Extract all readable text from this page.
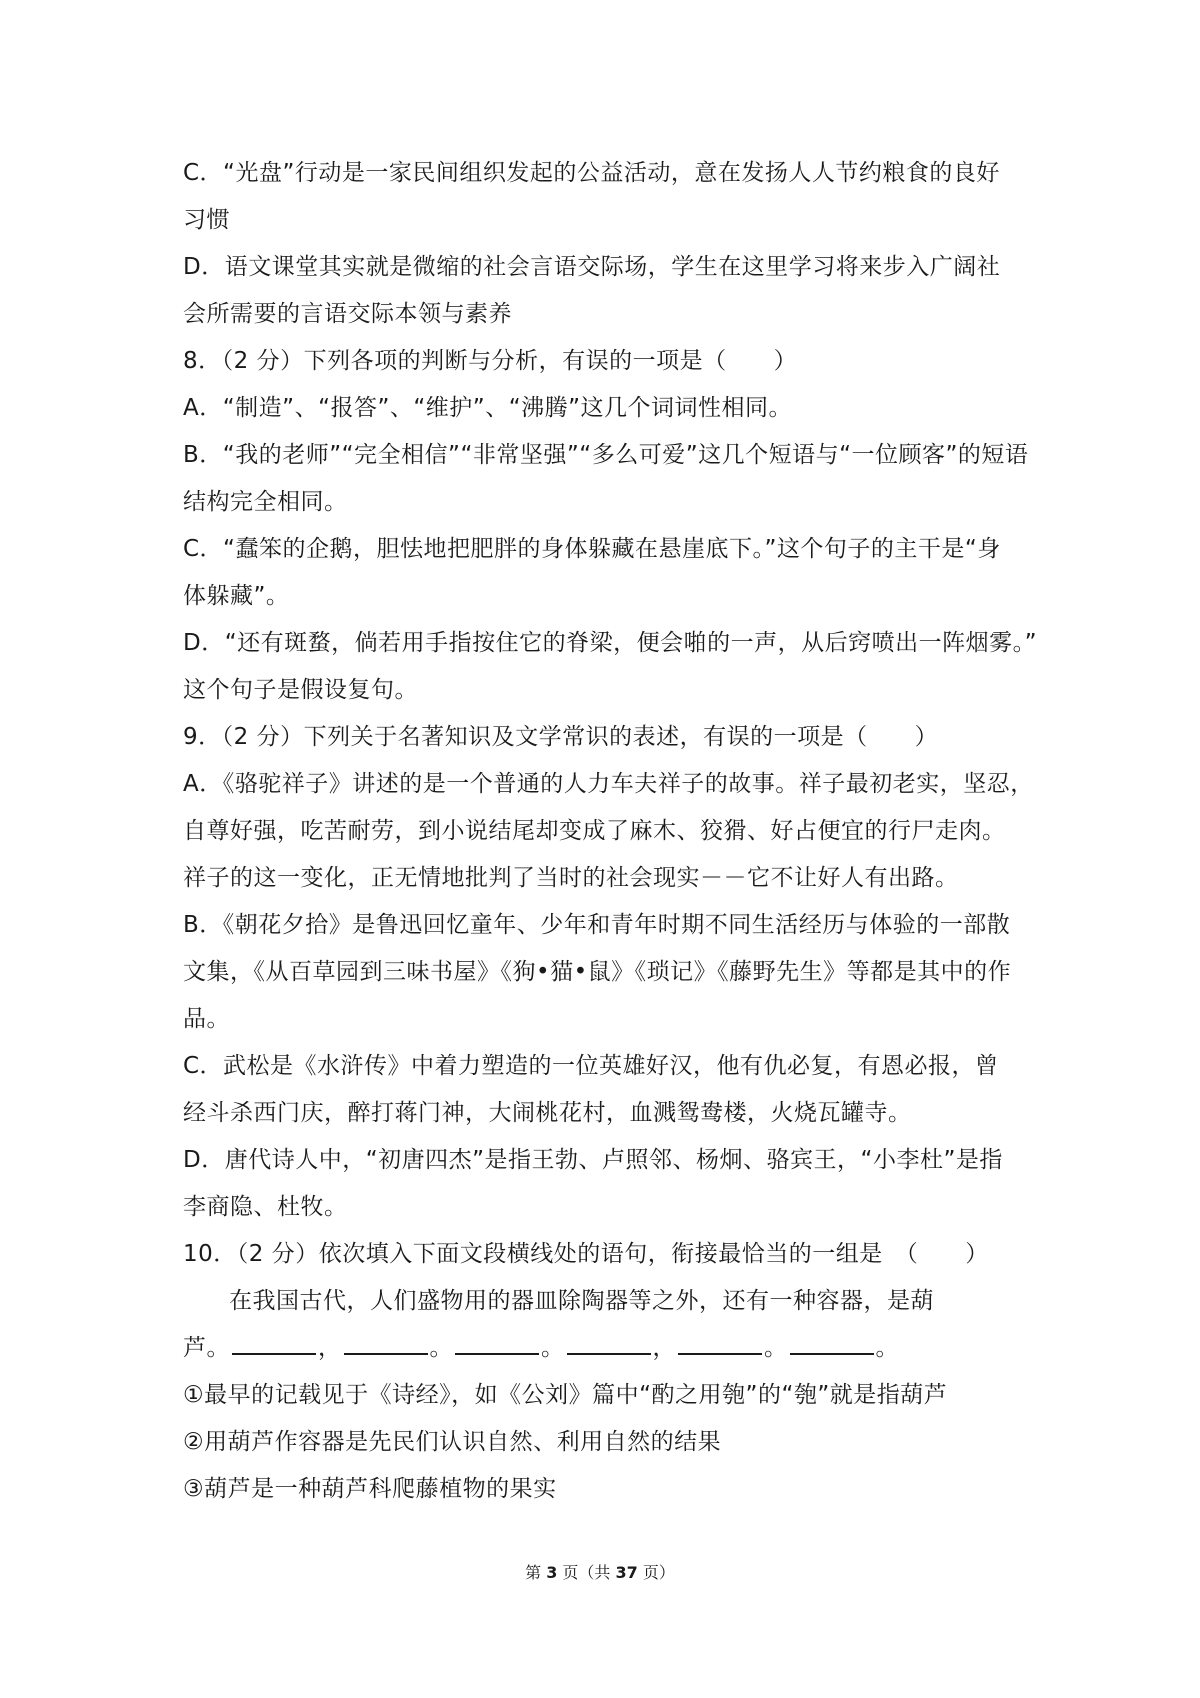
C．“光盘”行动是一家民间组织发起的公益活动，意在发扬人人节约粮食的良好
习惯
D．语文课堂其实就是微缩的社会言语交际场，学生在这里学习将来步入广阔社
会所需要的言语交际本领与素养
8．（2 分）下列各项的判断与分析，有误的一项是（　　）
A．“制造”、“报答”、“维护”、“沸腾”这几个词词性相同。
B．“我的老师”“完全相信”“非常坚强”“多么可爱”这几个短语与“一位顾客”的短语
结构完全相同。
C．“蠢笨的企鹅，胆怯地把肥胖的身体躲藏在悬崖底下。”这个句子的主干是“身
体躲藏”。
D．“还有斑蝥，倘若用手指按住它的脊梁，便会啪的一声，从后窍喷出一阵烟雾。”
这个句子是假设复句。
9．（2 分）下列关于名著知识及文学常识的表述，有误的一项是（　　）
A．《骆驼祥子》讲述的是一个普通的人力车夫祥子的故事。祥子最初老实，坚忍，
自尊好强，吃苦耐劳，到小说结尾却变成了麻木、狡猾、好占便宜的行尸走肉。
祥子的这一变化，正无情地批判了当时的社会现实－－它不让好人有出路。
B．《朝花夕拾》是鲁迅回忆童年、少年和青年时期不同生活经历与体验的一部散
文集，《从百草园到三味书屋》《狗•猫•鼠》《琐记》《藤野先生》等都是其中的作
品。
C．武松是《水浒传》中着力塑造的一位英雄好汉，他有仇必复，有恩必报，曾
经斗杀西门庆，醉打蒋门神，大闹桃花村，血溅鸳鸯楼，火烧瓦罐寺。
D．唐代诗人中，“初唐四杰”是指王勃、卢照邻、杨炯、骆宾王，“小李杜”是指
李商隐、杜牧。
10．（2 分）依次填入下面文段横线处的语句，衔接最恰当的一组是　（　　）
在我国古代，人们盛物用的器皿除陶器等之外，还有一种容器，是葫
芦。	，	。	。	，	。	。
①最早的记载见于《诗经》，如《公刘》篇中“酌之用匏”的“匏”就是指葫芦
②用葫芦作容器是先民们认识自然、利用自然的结果
③葫芦是一种葫芦科爬藤植物的果实
第 3 页（共 37 页）
